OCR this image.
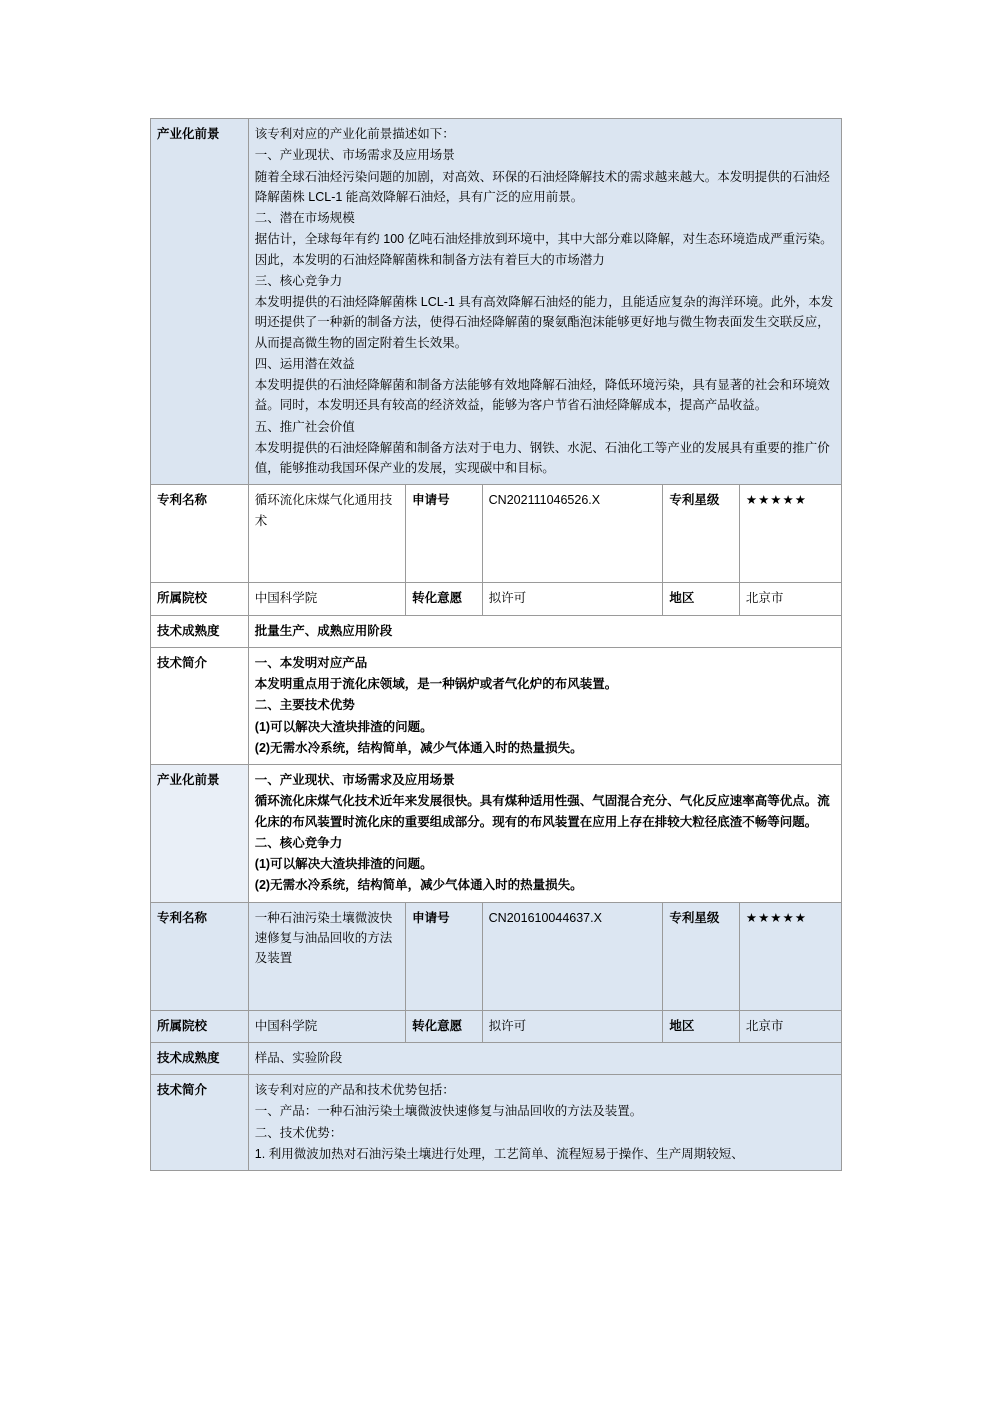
产业化前景	该专利对应的产业化前景描述如下：

一、产业现状、市场需求及应用场景

随着全球石油烃污染问题的加剧，对高效、环保的石油烃降解技术的需求越来越大。本发明提供的石油烃降解菌株 LCL-1 能高效降解石油烃，具有广泛的应用前景。

二、潜在市场规模

据估计，全球每年有约 100 亿吨石油烃排放到环境中，其中大部分难以降解，对生态环境造成严重污染。因此，本发明的石油烃降解菌株和制备方法有着巨大的市场潜力

三、核心竞争力

本发明提供的石油烃降解菌株 LCL-1 具有高效降解石油烃的能力，且能适应复杂的海洋环境。此外，本发明还提供了一种新的制备方法，使得石油烃降解菌的聚氨酯泡沫能够更好地与微生物表面发生交联反应，从而提高微生物的固定附着生长效果。

四、运用潜在效益

本发明提供的石油烃降解菌和制备方法能够有效地降解石油烃，降低环境污染，具有显著的社会和环境效益。同时，本发明还具有较高的经济效益，能够为客户节省石油烃降解成本，提高产品收益。

五、推广社会价值

本发明提供的石油烃降解菌和制备方法对于电力、钢铁、水泥、石油化工等产业的发展具有重要的推广价值，能够推动我国环保产业的发展，实现碳中和目标。

专利名称	循环流化床煤气化通用技术	申请号	CN202111046526.X	专利星级	★★★★★
所属院校	中国科学院	转化意愿	拟许可	地区	北京市
技术成熟度	批量生产、成熟应用阶段				
技术简介	一、本发明对应产品

本发明重点用于流化床领域，是一种锅炉或者气化炉的布风装置。

二、主要技术优势

(1)可以解决大渣块排渣的问题。

(2)无需水冷系统，结构简单，减少气体通入时的热量损失。				

产业化前景	一、产业现状、市场需求及应用场景

循环流化床煤气化技术近年来发展很快。具有煤种适用性强、气固混合充分、气化反应速率高等优点。流化床的布风装置时流化床的重要组成部分。现有的布风装置在应用上存在排较大粒径底渣不畅等问题。

二、核心竞争力

(1)可以解决大渣块排渣的问题。

(2)无需水冷系统，结构简单，减少气体通入时的热量损失。				

专利名称	一种石油污染土壤微波快速修复与油品回收的方法及装置	申请号	CN201610044637.X	专利星级	★★★★★
所属院校	中国科学院	转化意愿	拟许可	地区	北京市
技术成熟度	样品、实验阶段				
技术简介	该专利对应的产品和技术优势包括：

一、产品：一种石油污染土壤微波快速修复与油品回收的方法及装置。

二、技术优势：

1. 利用微波加热对石油污染土壤进行处理，工艺简单、流程短易于操作、生产周期较短、				
